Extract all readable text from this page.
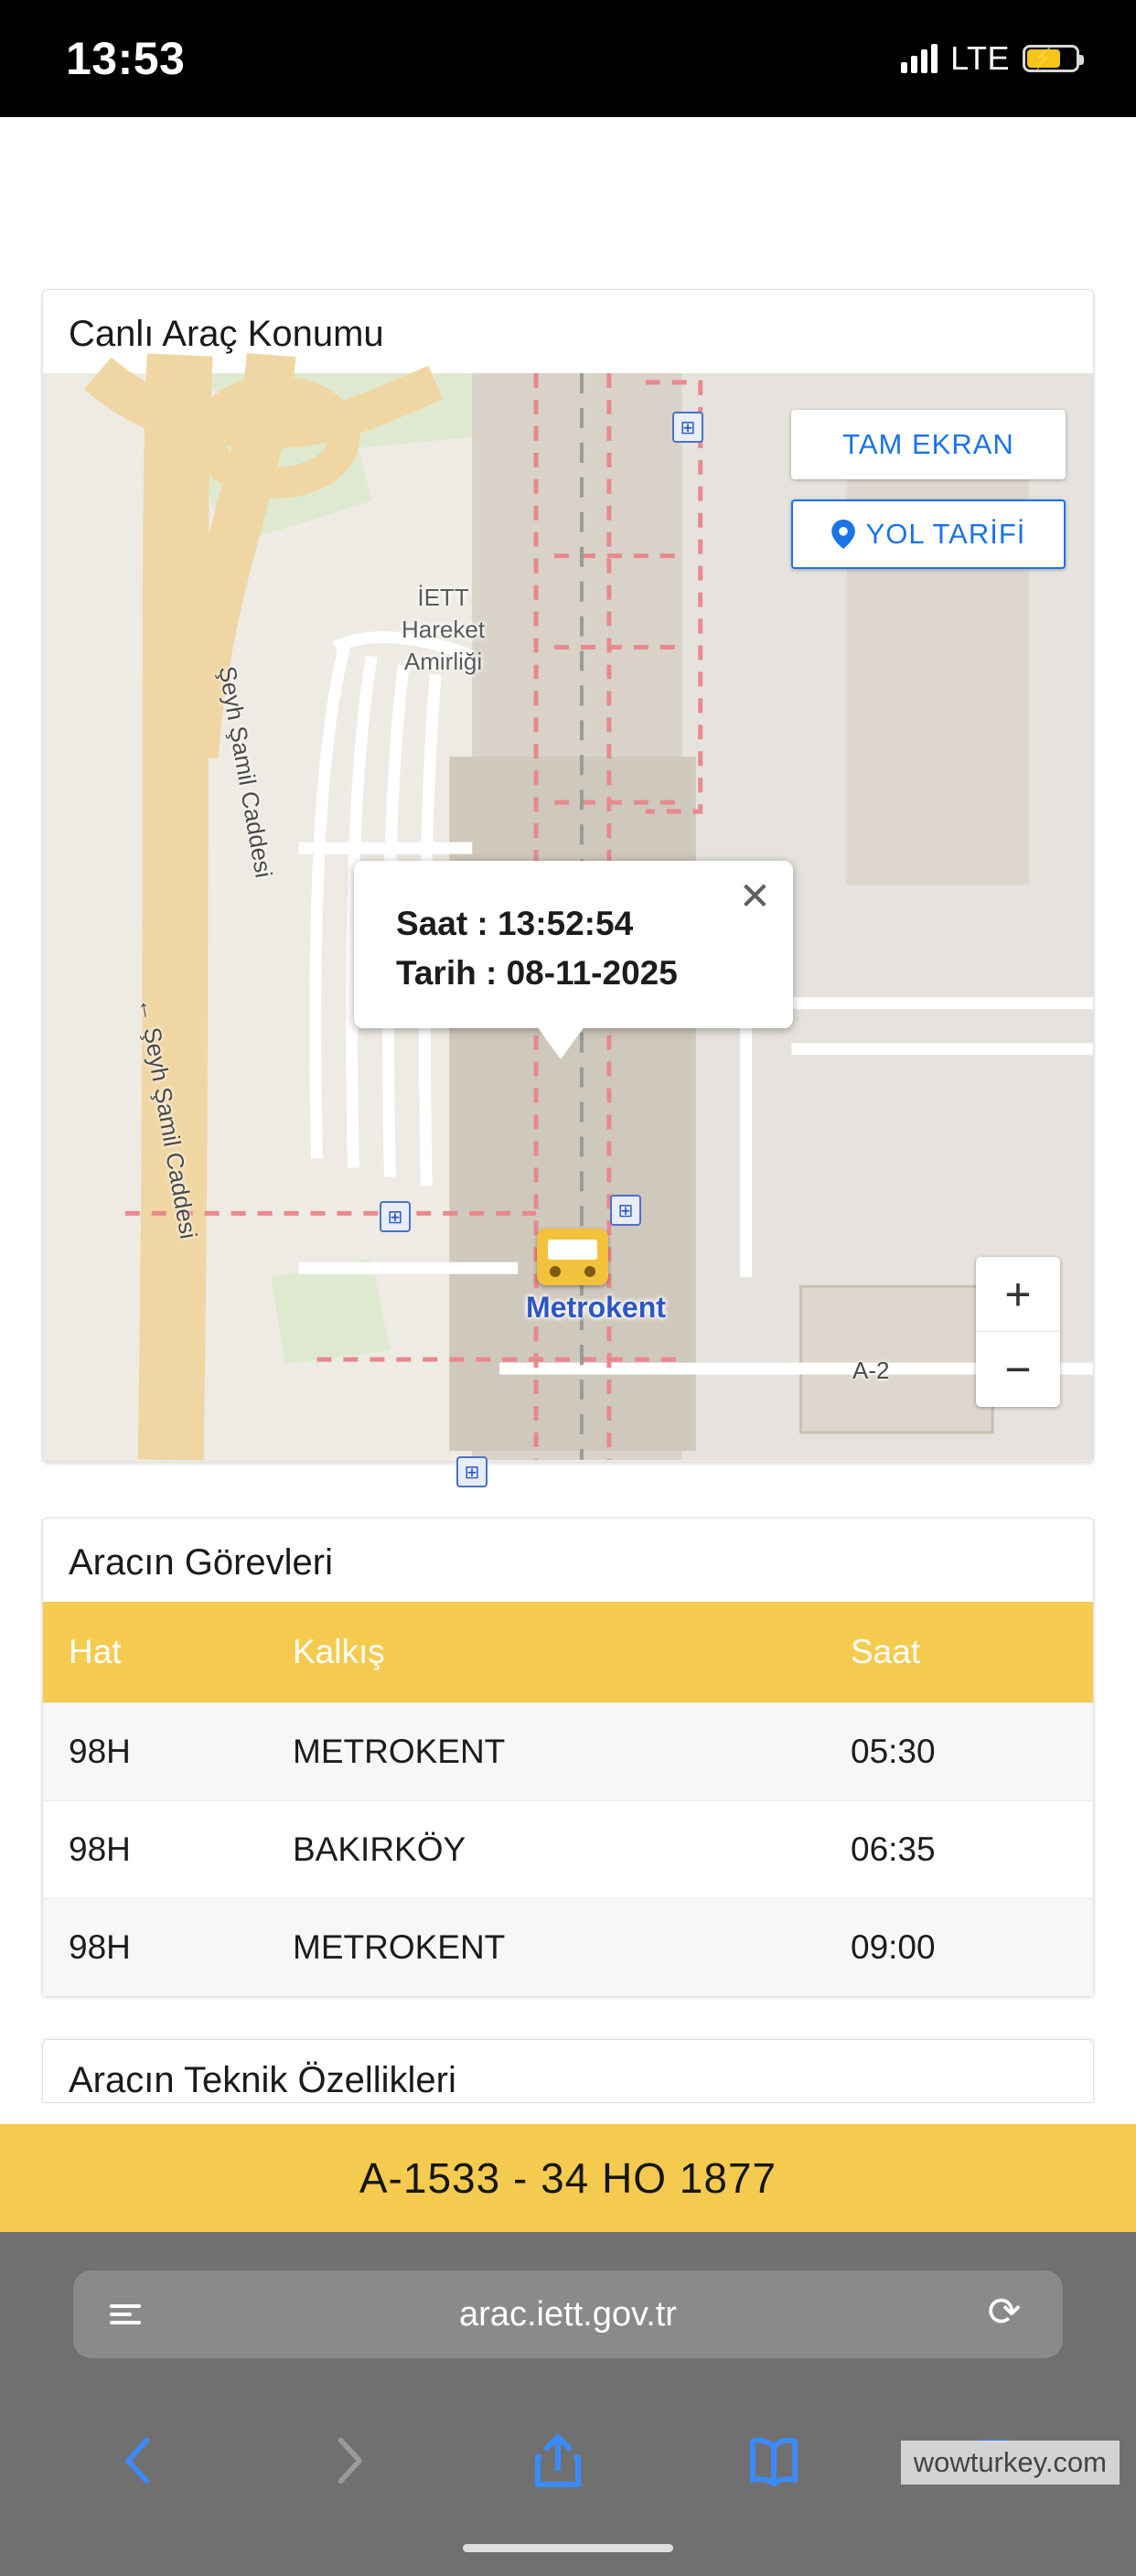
13:53	LTE ⚡
Canlı Araç Konumu
İETT
Hareket
Amirliği
Şeyh Şamil Caddesi
← Şeyh Şamil Caddesi
Metrokent
A-2
⊞
⊞	⊞
⊞
TAM EKRAN
YOL TARİFİ
✕
Saat : 13:52:54
Tarih : 08-11-2025
+
−
Aracın Görevleri
Hat	Kalkış	Saat
98H	METROKENT	05:30
98H	BAKIRKÖY	06:35
98H	METROKENT	09:00
Aracın Teknik Özellikleri
A-1533 - 34 HO 1877
arac.iett.gov.tr	⟳
wowturkey.com
